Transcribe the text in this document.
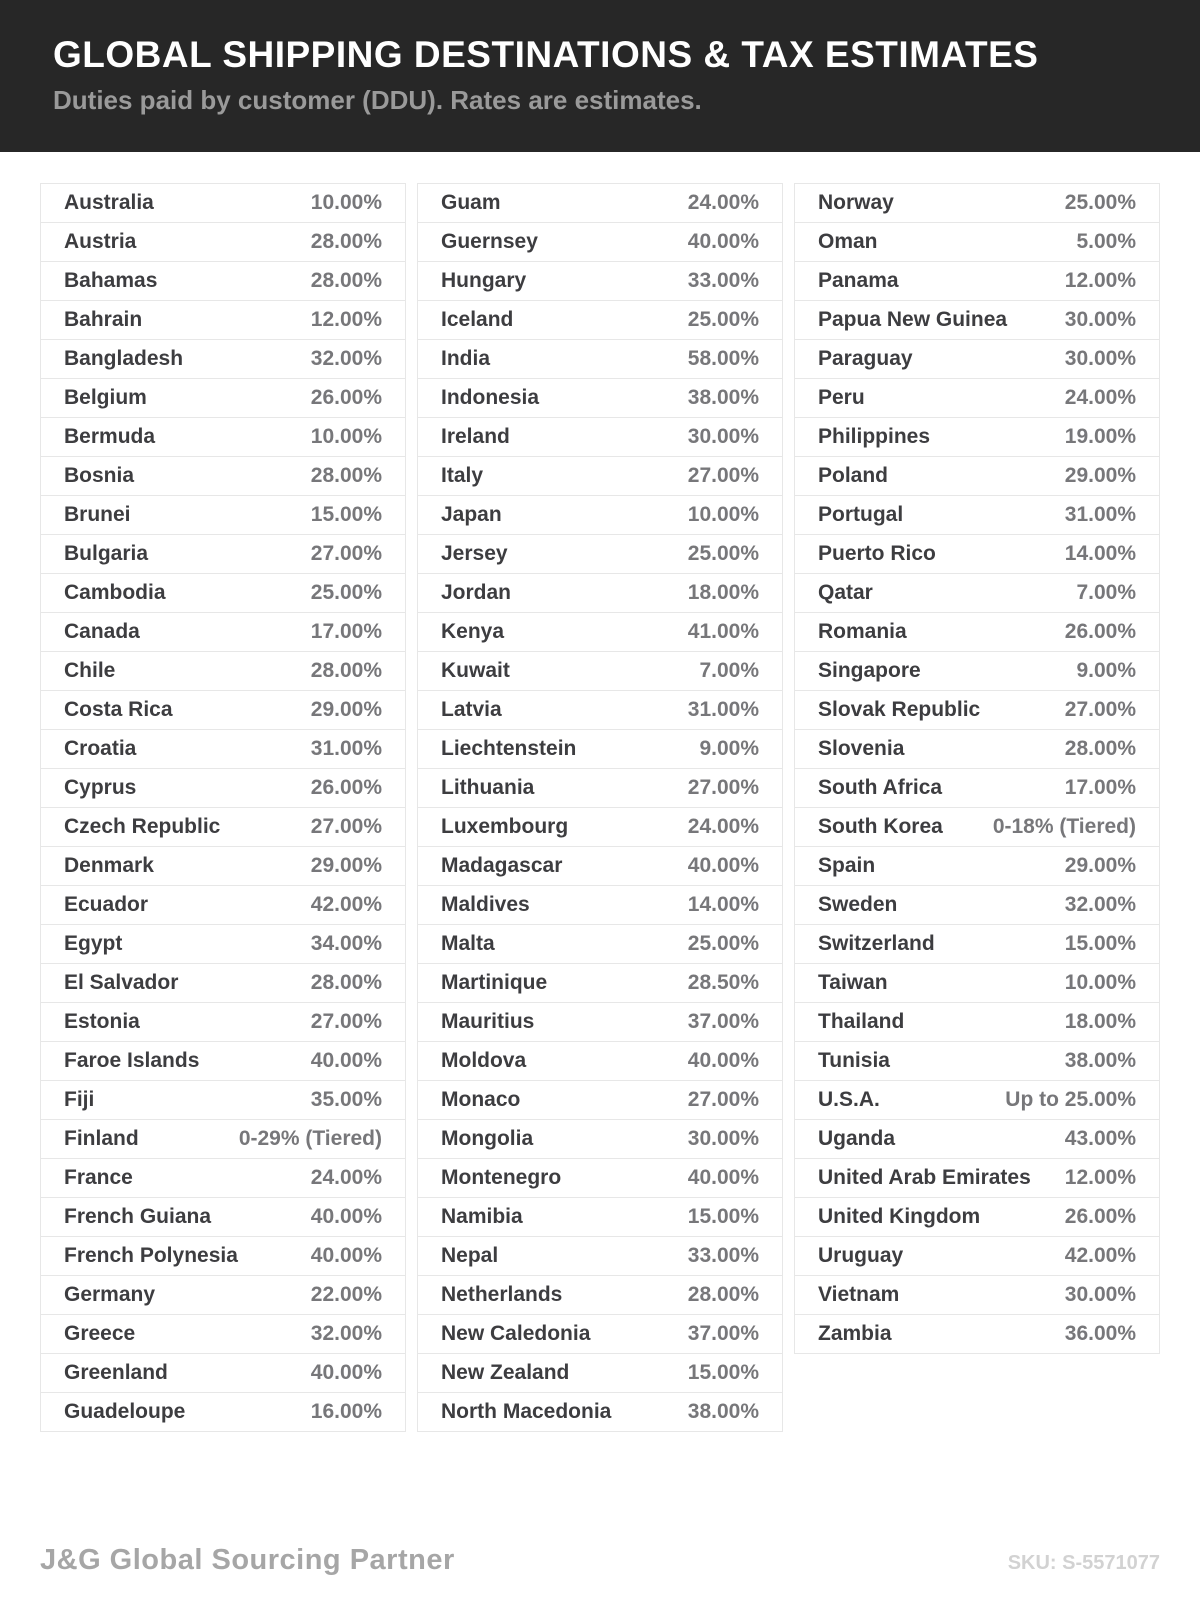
GLOBAL SHIPPING DESTINATIONS & TAX ESTIMATES
Duties paid by customer (DDU). Rates are estimates.
Australia	10.00%
Austria	28.00%
Bahamas	28.00%
Bahrain	12.00%
Bangladesh	32.00%
Belgium	26.00%
Bermuda	10.00%
Bosnia	28.00%
Brunei	15.00%
Bulgaria	27.00%
Cambodia	25.00%
Canada	17.00%
Chile	28.00%
Costa Rica	29.00%
Croatia	31.00%
Cyprus	26.00%
Czech Republic	27.00%
Denmark	29.00%
Ecuador	42.00%
Egypt	34.00%
El Salvador	28.00%
Estonia	27.00%
Faroe Islands	40.00%
Fiji	35.00%
Finland	0-29% (Tiered)
France	24.00%
French Guiana	40.00%
French Polynesia	40.00%
Germany	22.00%
Greece	32.00%
Greenland	40.00%
Guadeloupe	16.00%
Guam	24.00%
Guernsey	40.00%
Hungary	33.00%
Iceland	25.00%
India	58.00%
Indonesia	38.00%
Ireland	30.00%
Italy	27.00%
Japan	10.00%
Jersey	25.00%
Jordan	18.00%
Kenya	41.00%
Kuwait	7.00%
Latvia	31.00%
Liechtenstein	9.00%
Lithuania	27.00%
Luxembourg	24.00%
Madagascar	40.00%
Maldives	14.00%
Malta	25.00%
Martinique	28.50%
Mauritius	37.00%
Moldova	40.00%
Monaco	27.00%
Mongolia	30.00%
Montenegro	40.00%
Namibia	15.00%
Nepal	33.00%
Netherlands	28.00%
New Caledonia	37.00%
New Zealand	15.00%
North Macedonia	38.00%
Norway	25.00%
Oman	5.00%
Panama	12.00%
Papua New Guinea	30.00%
Paraguay	30.00%
Peru	24.00%
Philippines	19.00%
Poland	29.00%
Portugal	31.00%
Puerto Rico	14.00%
Qatar	7.00%
Romania	26.00%
Singapore	9.00%
Slovak Republic	27.00%
Slovenia	28.00%
South Africa	17.00%
South Korea 0-18% (Tiered)
Spain	29.00%
Sweden	32.00%
Switzerland	15.00%
Taiwan	10.00%
Thailand	18.00%
Tunisia	38.00%
U.S.A.	Up to 25.00%
Uganda	43.00%
United Arab Emirates 12.00%
United Kingdom	26.00%
Uruguay	42.00%
Vietnam	30.00%
Zambia	36.00%
J&G Global Sourcing Partner	SKU: S-5571077
